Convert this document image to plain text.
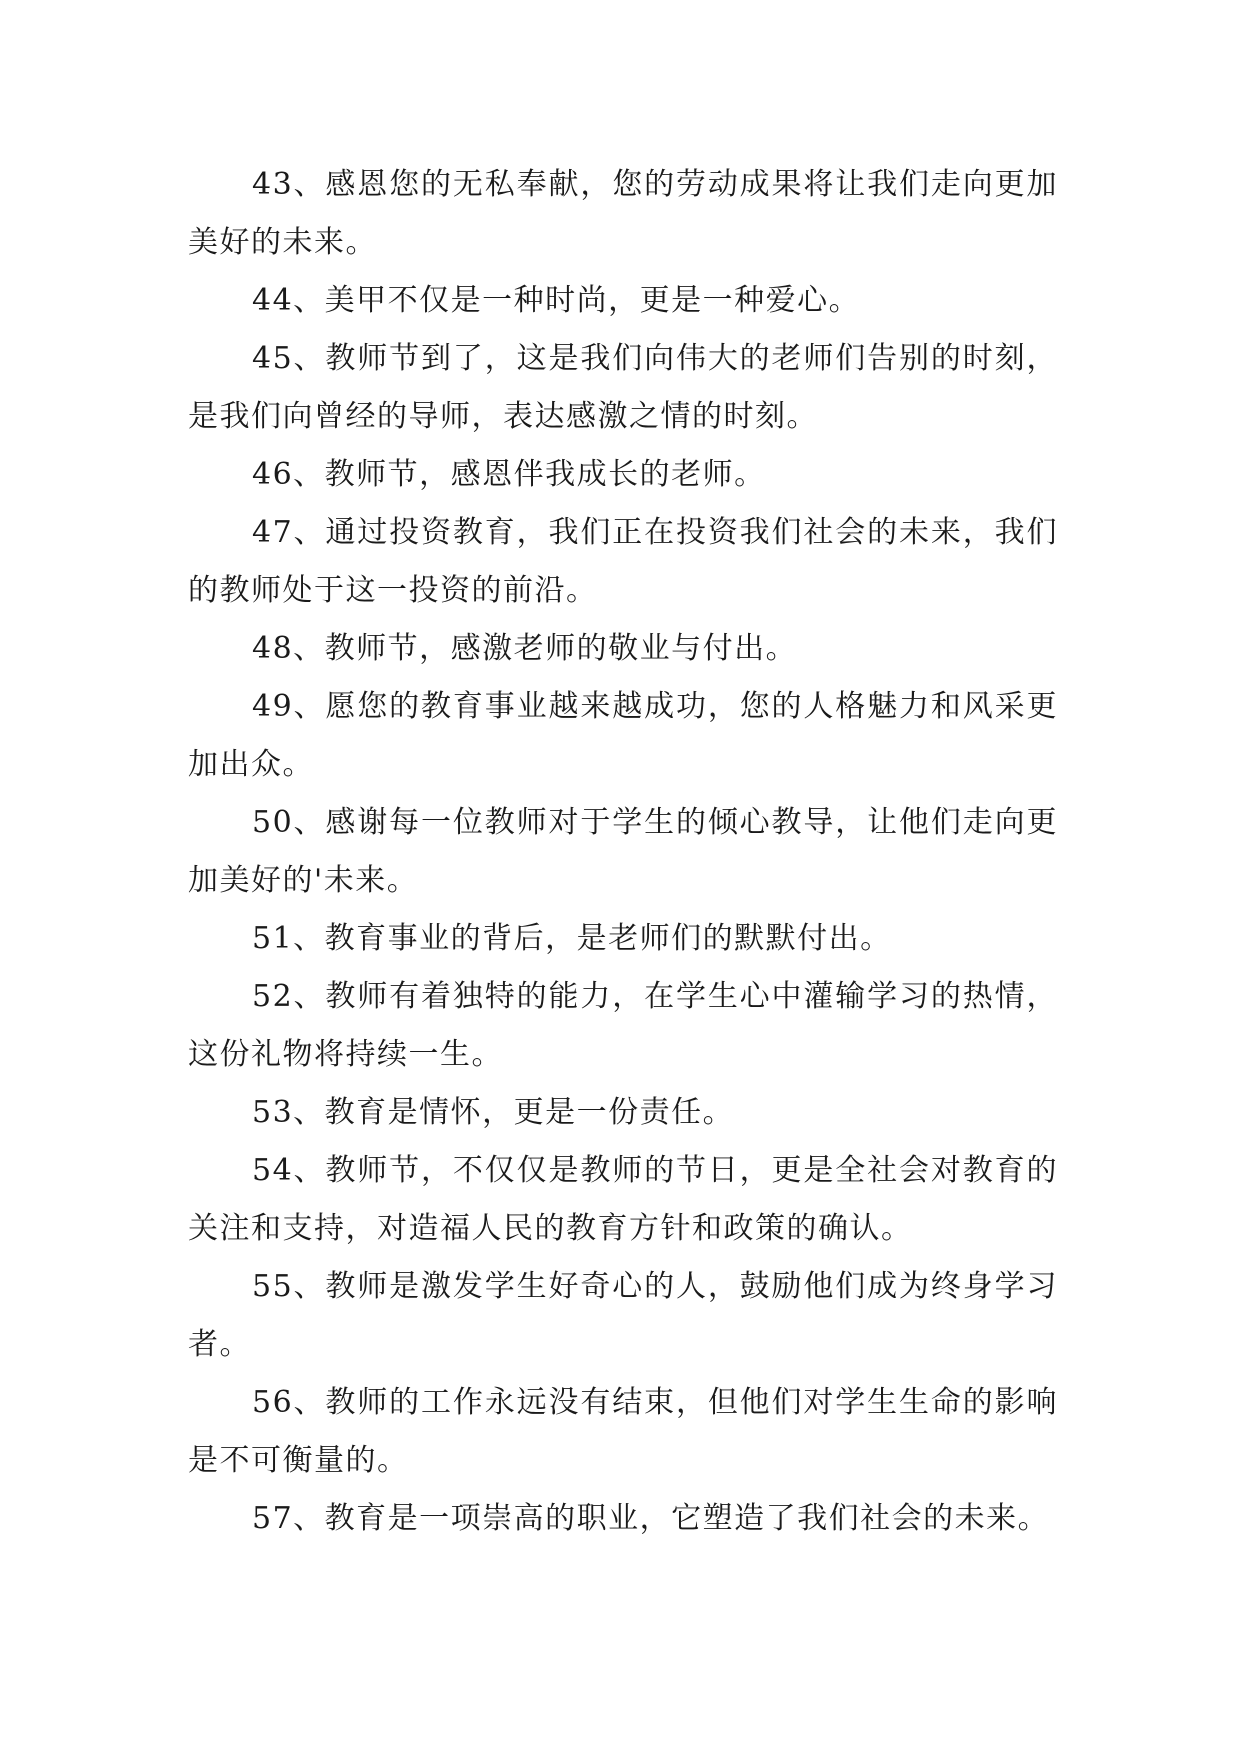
43、感恩您的无私奉献，您的劳动成果将让我们走向更加美好的未来。

44、美甲不仅是一种时尚，更是一种爱心。

45、教师节到了，这是我们向伟大的老师们告别的时刻，是我们向曾经的导师，表达感激之情的时刻。

46、教师节，感恩伴我成长的老师。

47、通过投资教育，我们正在投资我们社会的未来，我们的教师处于这一投资的前沿。

48、教师节，感激老师的敬业与付出。

49、愿您的教育事业越来越成功，您的人格魅力和风采更加出众。

50、感谢每一位教师对于学生的倾心教导，让他们走向更加美好的'未来。

51、教育事业的背后，是老师们的默默付出。

52、教师有着独特的能力，在学生心中灌输学习的热情，这份礼物将持续一生。

53、教育是情怀，更是一份责任。

54、教师节，不仅仅是教师的节日，更是全社会对教育的关注和支持，对造福人民的教育方针和政策的确认。

55、教师是激发学生好奇心的人，鼓励他们成为终身学习者。

56、教师的工作永远没有结束，但他们对学生生命的影响是不可衡量的。

57、教育是一项崇高的职业，它塑造了我们社会的未来。
